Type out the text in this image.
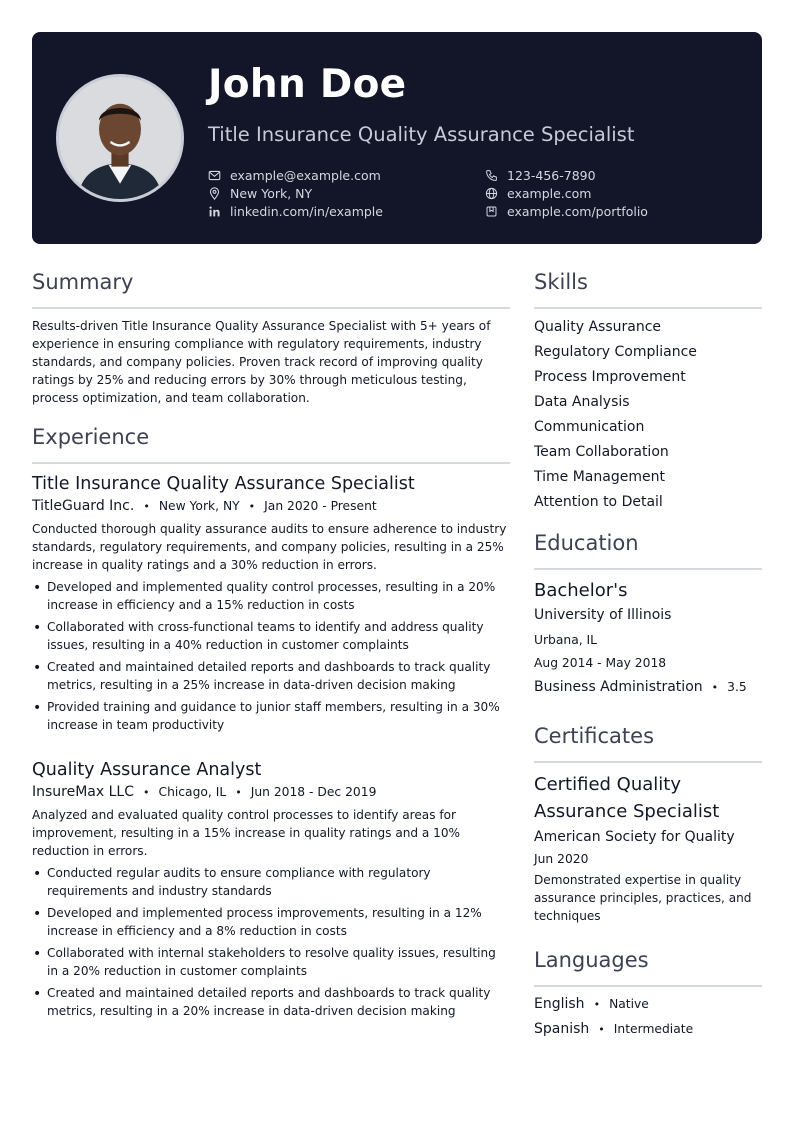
John Doe
Title Insurance Quality Assurance Specialist
example@example.com
New York, NY
linkedin.com/in/example
123-456-7890
example.com
example.com/portfolio
Summary
Results-driven Title Insurance Quality Assurance Specialist with 5+ years of experience in ensuring compliance with regulatory requirements, industry standards, and company policies. Proven track record of improving quality ratings by 25% and reducing errors by 30% through meticulous testing, process optimization, and team collaboration.
Experience
Title Insurance Quality Assurance Specialist
TitleGuard Inc. • New York, NY • Jan 2020 - Present
Conducted thorough quality assurance audits to ensure adherence to industry standards, regulatory requirements, and company policies, resulting in a 25% increase in quality ratings and a 30% reduction in errors.
• Developed and implemented quality control processes, resulting in a 20% increase in efficiency and a 15% reduction in costs
• Collaborated with cross-functional teams to identify and address quality issues, resulting in a 40% reduction in customer complaints
• Created and maintained detailed reports and dashboards to track quality metrics, resulting in a 25% increase in data-driven decision making
• Provided training and guidance to junior staff members, resulting in a 30% increase in team productivity
Quality Assurance Analyst
InsureMax LLC • Chicago, IL • Jun 2018 - Dec 2019
Analyzed and evaluated quality control processes to identify areas for improvement, resulting in a 15% increase in quality ratings and a 10% reduction in errors.
• Conducted regular audits to ensure compliance with regulatory requirements and industry standards
• Developed and implemented process improvements, resulting in a 12% increase in efficiency and a 8% reduction in costs
• Collaborated with internal stakeholders to resolve quality issues, resulting in a 20% reduction in customer complaints
• Created and maintained detailed reports and dashboards to track quality metrics, resulting in a 20% increase in data-driven decision making
Skills
Quality Assurance
Regulatory Compliance
Process Improvement
Data Analysis
Communication
Team Collaboration
Time Management
Attention to Detail
Education
Bachelor's
University of Illinois
Urbana, IL
Aug 2014 - May 2018
Business Administration • 3.5
Certificates
Certified Quality Assurance Specialist
American Society for Quality
Jun 2020
Demonstrated expertise in quality assurance principles, practices, and techniques
Languages
English • Native
Spanish • Intermediate
